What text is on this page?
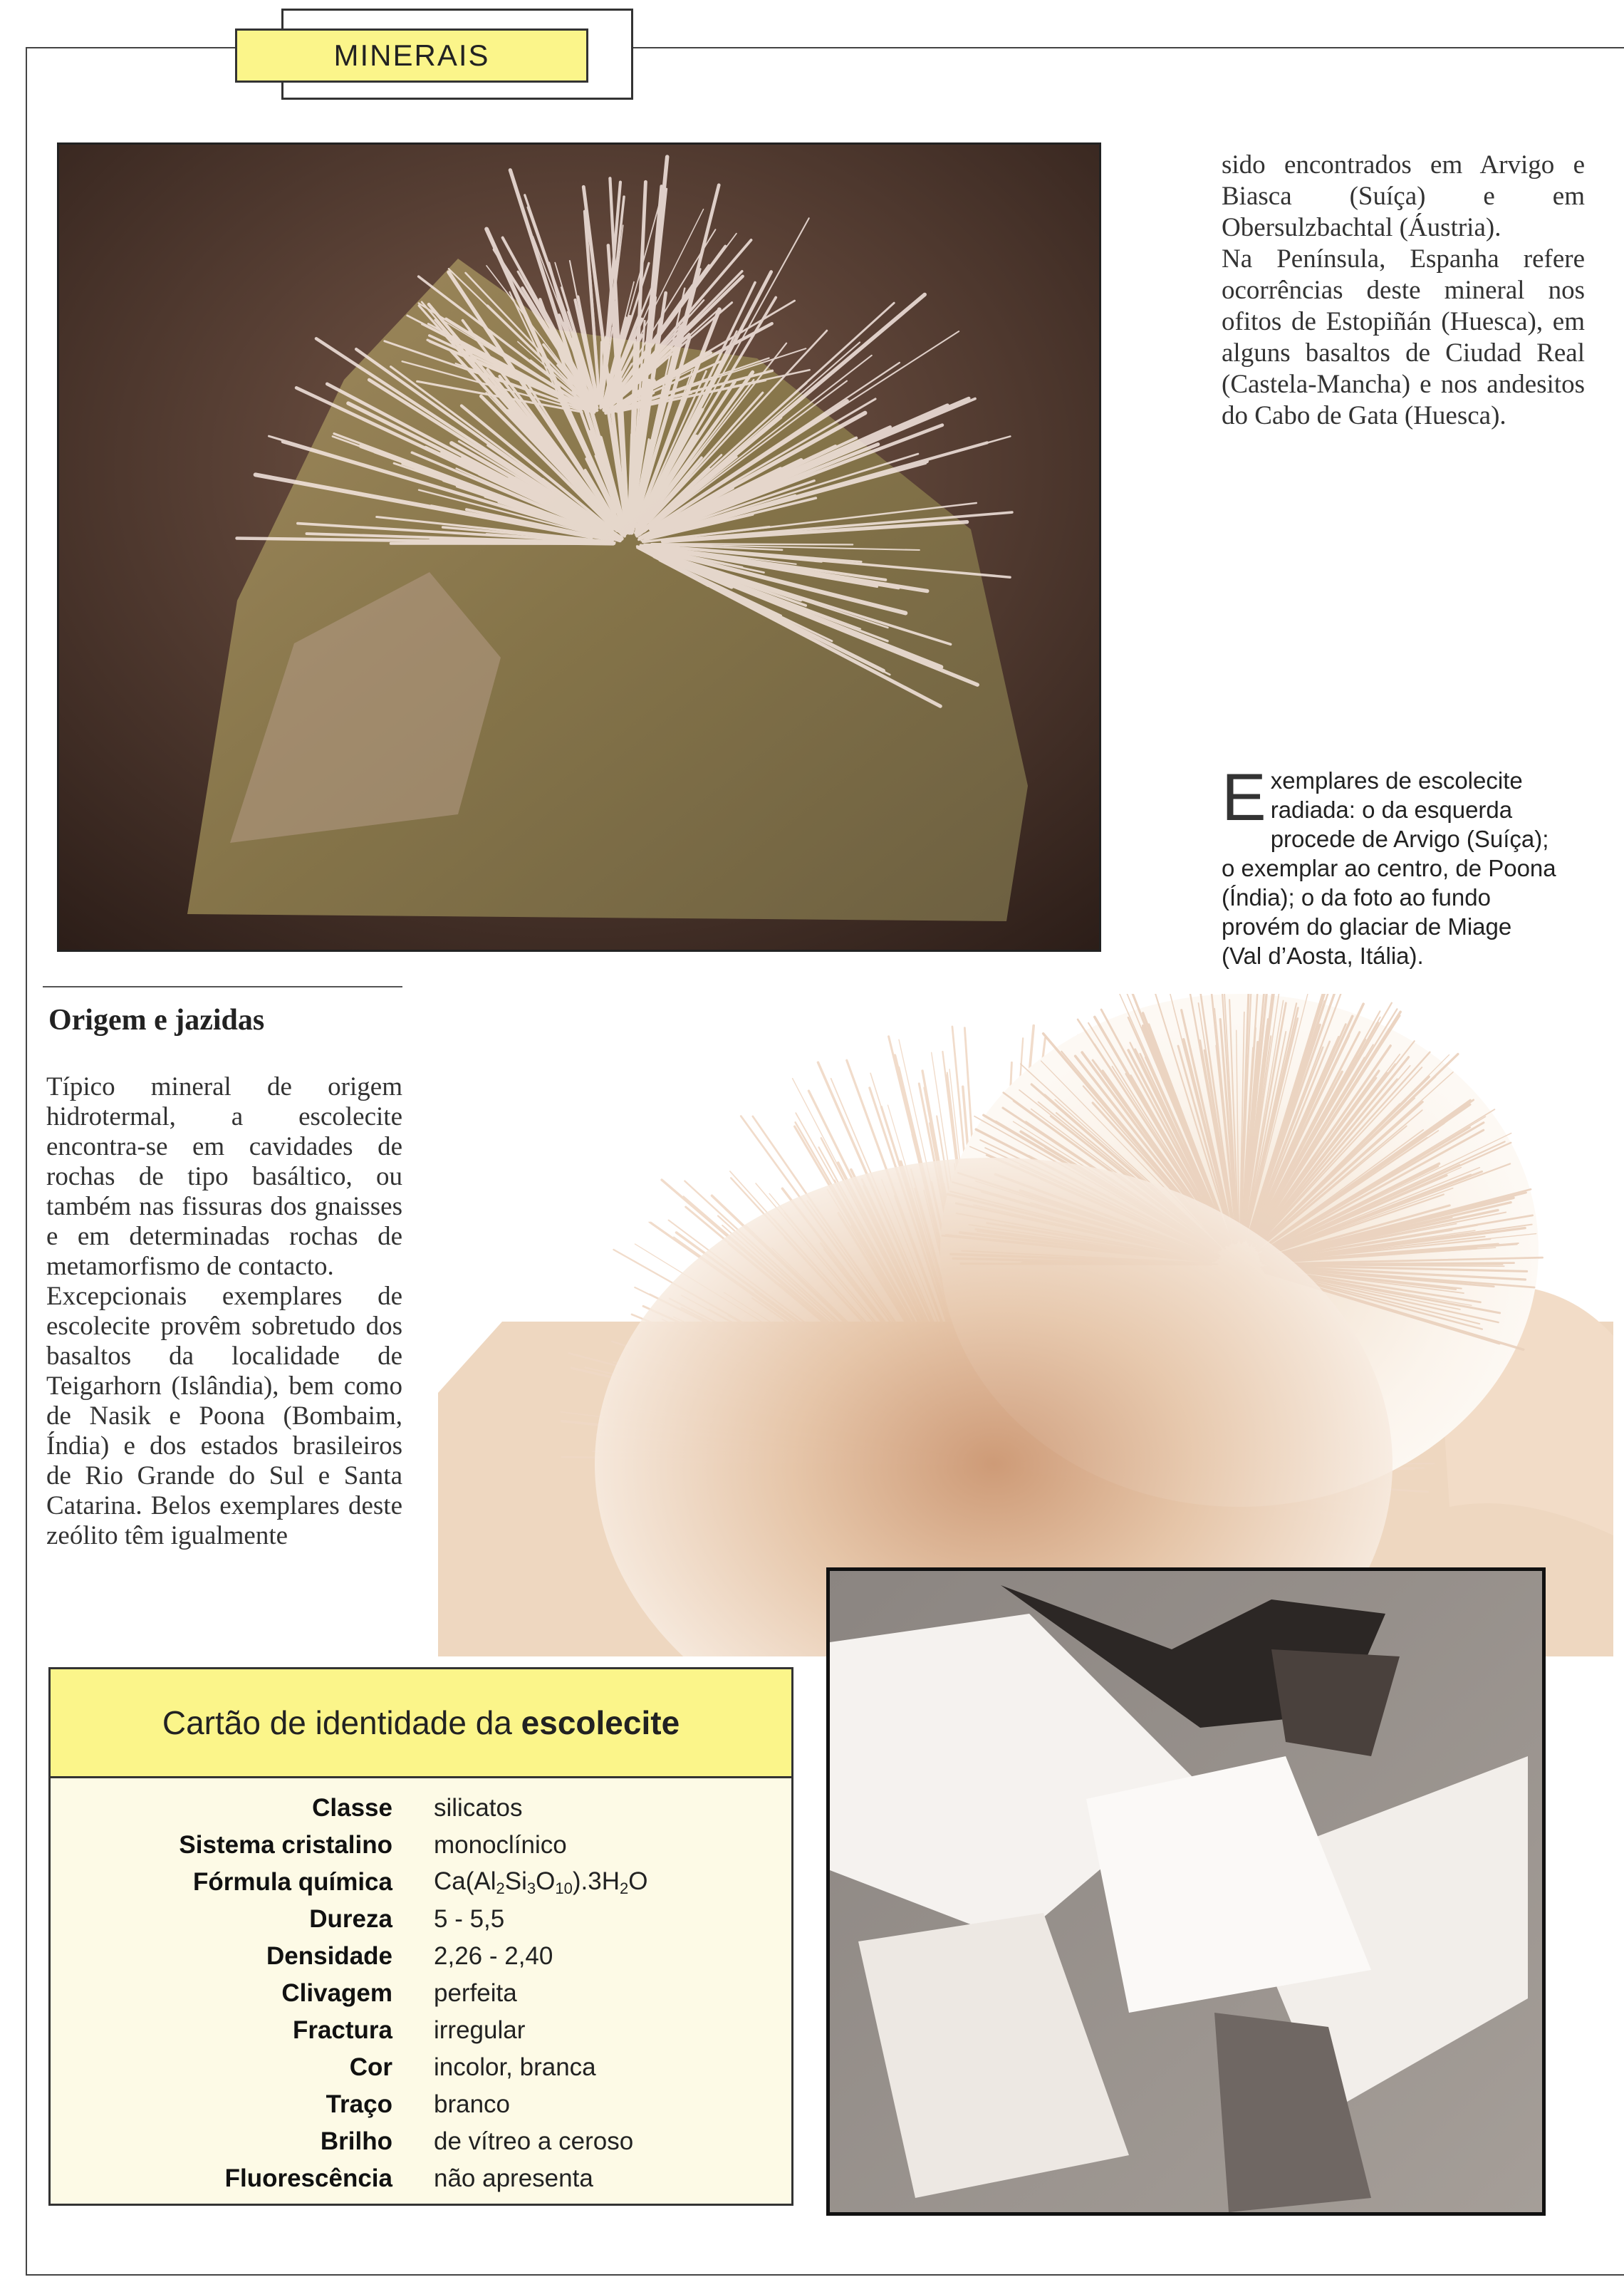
MINERAIS

sido encontrados em Arvigo e Biasca (Suíça) e em Obersulzbachtal (Áustria).

Na Península, Espanha refere ocorrências deste mineral nos ofitos de Estopiñán (Huesca), em alguns basaltos de Ciudad Real (Castela-Mancha) e nos andesitos do Cabo de Gata (Huesca).

Exemplares de escolecite radiada: o da esquerda procede de Arvigo (Suíça); o exemplar ao centro, de Poona (Índia); o da foto ao fundo provém do glaciar de Miage (Val d’Aosta, Itália).
Origem e jazidas

Típico mineral de origem hidrotermal, a escolecite encontra-se em cavidades de rochas de tipo basáltico, ou também nas fissuras dos gnaisses e em determinadas rochas de metamorfismo de contacto.

Excepcionais exemplares de escolecite provêm sobretudo dos basaltos da localidade de Teigarhorn (Islândia), bem como de Nasik e Poona (Bombaim, Índia) e dos estados brasileiros de Rio Grande do Sul e Santa Catarina. Belos exemplares deste zeólito têm igualmente

Cartão de identidade da escolecite
Classe silicatos
Sistema cristalino monoclínico
Fórmula química $Ca(Al_2Si_3O_{10}).3H_2O$
Dureza 5 - 5,5
Densidade 2,26 - 2,40
Clivagem perfeita
Fractura irregular
Cor incolor, branca
Traço branco
Brilho de vítreo a ceroso
Fluorescência não apresenta
